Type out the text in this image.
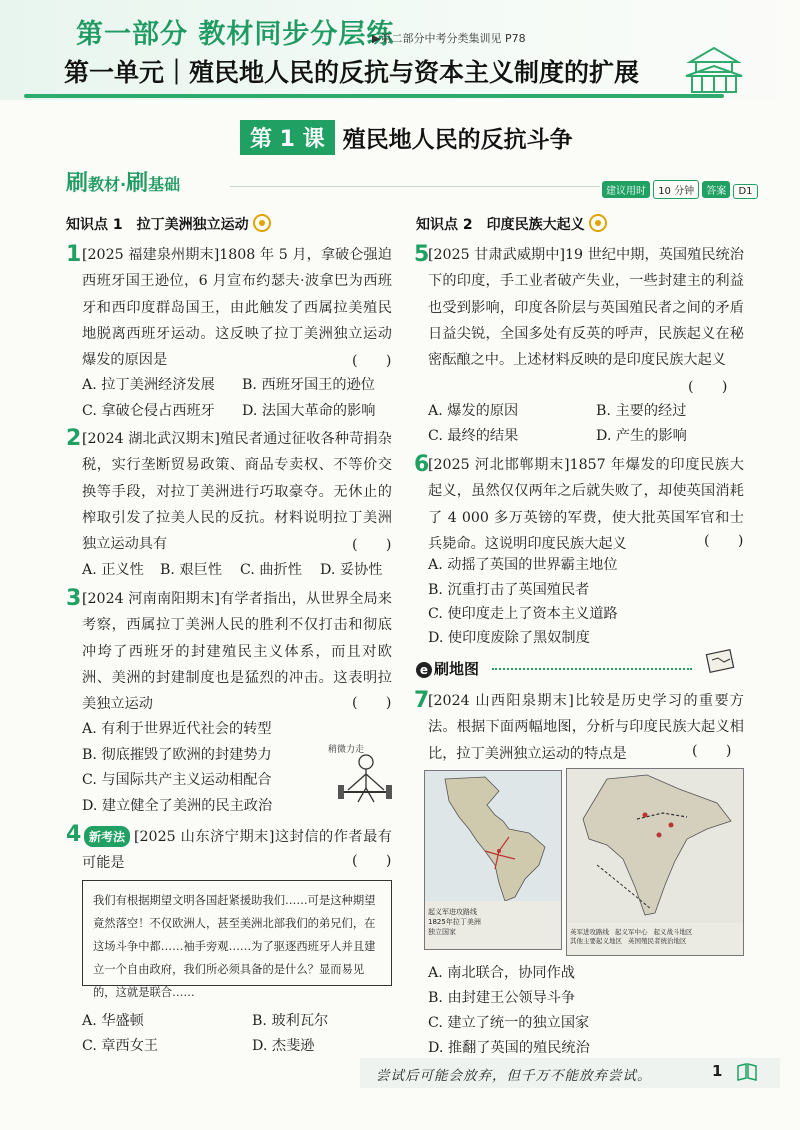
第一部分 教材同步分层练
▶第二部分中考分类集训见 P78
第一单元｜殖民地人民的反抗与资本主义制度的扩展
第 1 课 殖民地人民的反抗斗争
刷教材·刷基础	建议用时 10 分钟 答案 D1
知识点 1　拉丁美洲独立运动
1 [2025 福建泉州期末]1808 年 5 月，拿破仑强迫西班牙国王逊位，6 月宣布约瑟夫·波拿巴为西班牙和西印度群岛国王，由此触发了西属拉美殖民地脱离西班牙运动。这反映了拉丁美洲独立运动爆发的原因是	(　　)
A. 拉丁美洲经济发展 B. 西班牙国王的逊位
C. 拿破仑侵占西班牙 D. 法国大革命的影响
2 [2024 湖北武汉期末]殖民者通过征收各种苛捐杂税，实行垄断贸易政策、商品专卖权、不等价交换等手段，对拉丁美洲进行巧取豪夺。无休止的榨取引发了拉美人民的反抗。材料说明拉丁美洲独立运动具有	(　　)
A. 正义性 B. 艰巨性 C. 曲折性 D. 妥协性
3 [2024 河南南阳期末]有学者指出，从世界全局来考察，西属拉丁美洲人民的胜利不仅打击和彻底冲垮了西班牙的封建殖民主义体系，而且对欧洲、美洲的封建制度也是猛烈的冲击。这表明拉美独立运动	(　　)
A. 有利于世界近代社会的转型
B. 彻底摧毁了欧洲的封建势力
C. 与国际共产主义运动相配合
D. 建立健全了美洲的民主政治
稍微力走
4 新考法 [2025 山东济宁期末]这封信的作者最有可能是	(　　)
我们有根据期望文明各国赶紧援助我们……可是这种期望竟然落空！不仅欧洲人，甚至美洲北部我们的弟兄们，在这场斗争中都……袖手旁观……为了驱逐西班牙人并且建立一个自由政府，我们所必须具备的是什么？显而易见的，这就是联合……
A. 华盛顿	B. 玻利瓦尔
C. 章西女王	D. 杰斐逊
知识点 2　印度民族大起义
5
[2025 甘肃武威期中]19 世纪中期，英国殖民统治下的印度，手工业者破产失业，一些封建主的利益也受到影响，印度各阶层与英国殖民者之间的矛盾日益尖锐，全国多处有反英的呼声，民族起义在秘密酝酿之中。上述材料反映的是印度民族大起义
(　　)
A. 爆发的原因	B. 主要的经过
C. 最终的结果	D. 产生的影响
6
[2025 河北邯郸期末]1857 年爆发的印度民族大起义，虽然仅仅两年之后就失败了，却使英国消耗了 4 000 多万英镑的军费，使大批英国军官和士兵毙命。这说明印度民族大起义	(　　)
A. 动摇了英国的世界霸主地位
B. 沉重打击了英国殖民者
C. 使印度走上了资本主义道路
D. 使印度废除了黑奴制度
e 刷地图
7
[2024 山西阳泉期末]比较是历史学习的重要方法。根据下面两幅地图，分析与印度民族大起义相比，拉丁美洲独立运动的特点是	(　　)
起义军进攻路线
1825年拉丁美洲
独立国家	英军进攻路线 起义军中心 起义战斗地区
其他主要起义地区 英国殖民者统治地区
A. 南北联合，协同作战
B. 由封建王公领导斗争
C. 建立了统一的独立国家
D. 推翻了英国的殖民统治
尝试后可能会放弃，但千万不能放弃尝试。	1
